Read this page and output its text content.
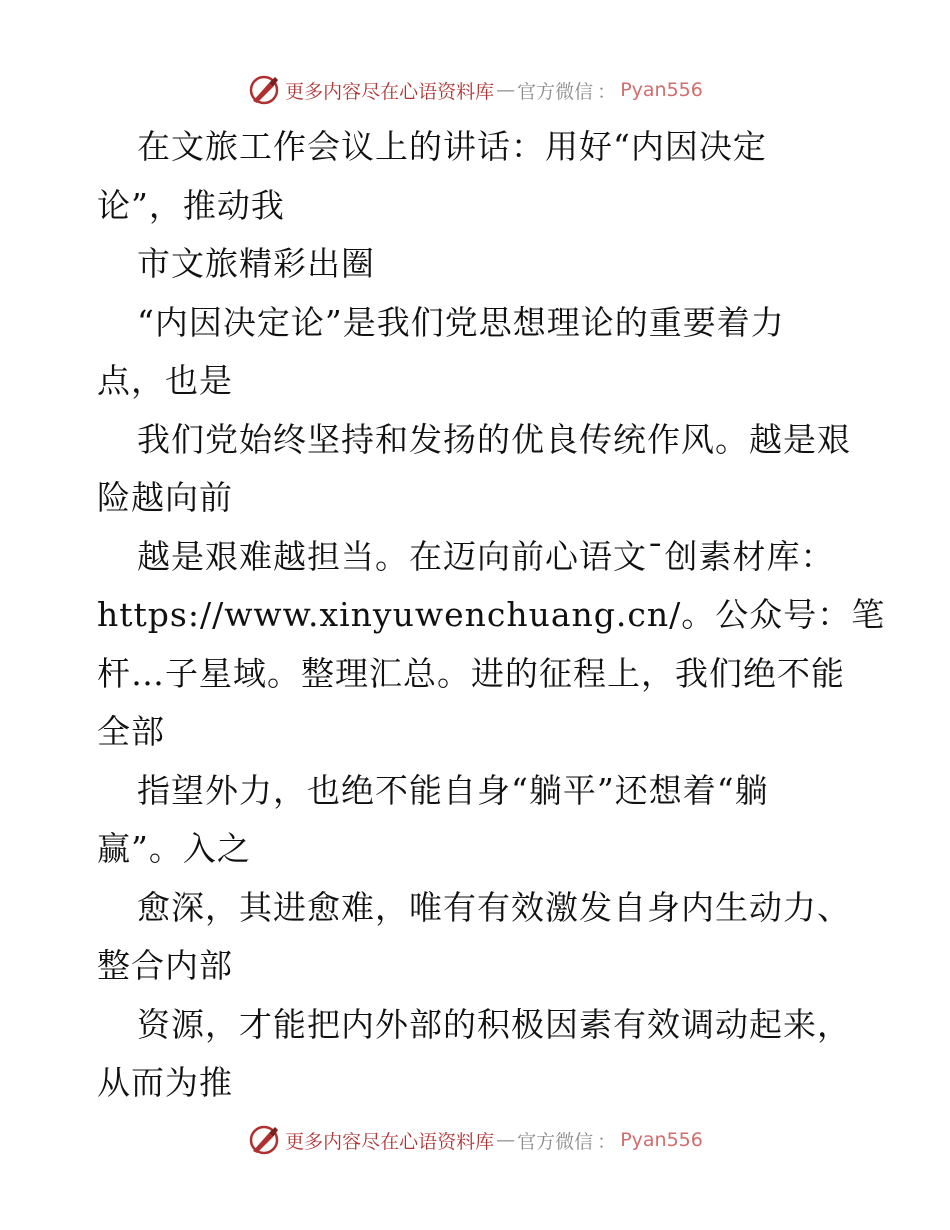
更多内容尽在心语资料库 — 官方微信 ： Pyan556
在文旅工作会议上的讲话：用好“内因决定
论”，推动我
市文旅精彩出圈
“内因决定论”是我们党思想理论的重要着力
点，也是
我们党始终坚持和发扬的优良传统作风。越是艰
险越向前
越是艰难越担当。在迈向前心语文¯创素材库：
https://www.xinyuwenchuang.cn/。公众号：笔
杆…子星域。整理汇总。进的征程上，我们绝不能
全部
指望外力，也绝不能自身“躺平”还想着“躺
赢”。入之
愈深，其进愈难，唯有有效激发自身内生动力、
整合内部
资源，才能把内外部的积极因素有效调动起来，
从而为推
更多内容尽在心语资料库 — 官方微信 ： Pyan556
